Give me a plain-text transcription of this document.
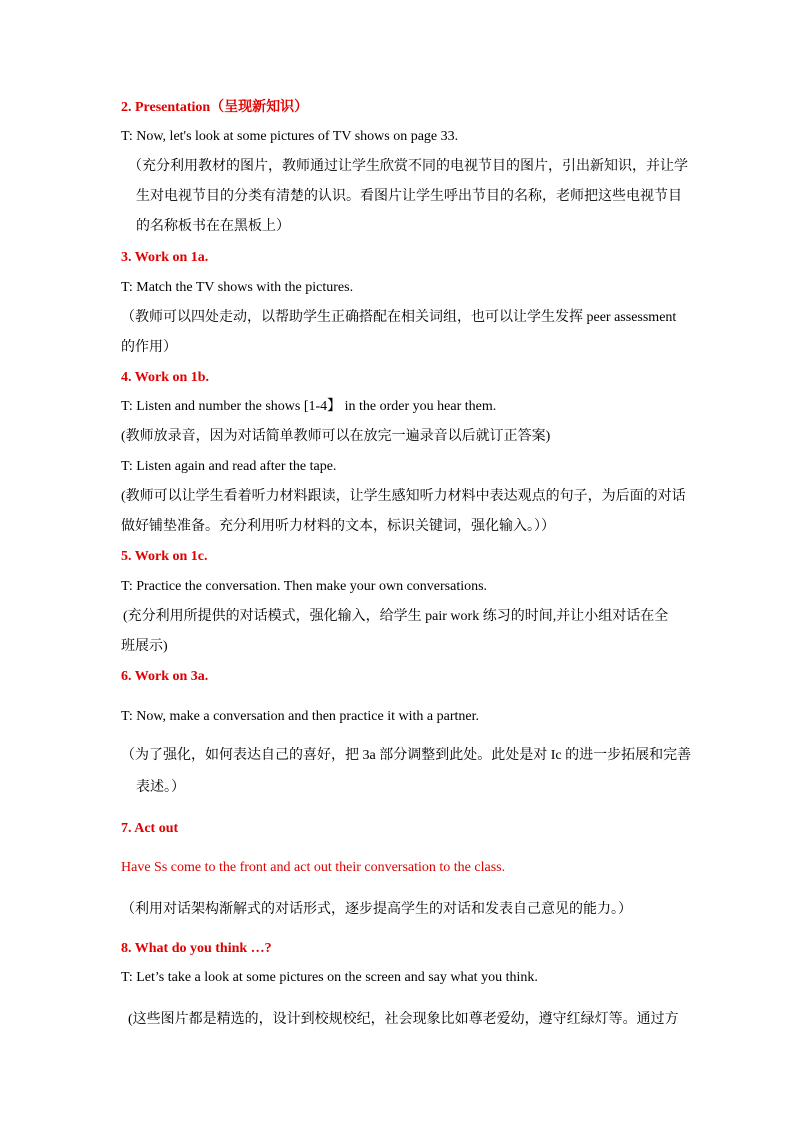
2. Presentation（呈现新知识）
T: Now, let's look at some pictures of TV shows on page 33.
（充分利用教材的图片，教师通过让学生欣赏不同的电视节目的图片，引出新知识，并让学
生对电视节目的分类有清楚的认识。看图片让学生呼出节目的名称，老师把这些电视节目
的名称板书在在黑板上）
3. Work on 1a.
T: Match the TV shows with the pictures.
（教师可以四处走动，以帮助学生正确搭配在相关词组，也可以让学生发挥 peer assessment
的作用）
4. Work on 1b.
T: Listen and number the shows [1-4】 in the order you hear them.
(教师放录音，因为对话简单教师可以在放完一遍录音以后就订正答案)
T: Listen again and read after the tape.
(教师可以让学生看着听力材料跟读，让学生感知听力材料中表达观点的句子，为后面的对话
做好铺垫准备。充分利用听力材料的文本，标识关键词，强化输入。））
5. Work on 1c.
T: Practice the conversation. Then make your own conversations.
(充分利用所提供的对话模式，强化输入，给学生 pair work 练习的时间,并让小组对话在全
班展示)
6. Work on 3a.
T: Now, make a conversation and then practice it with a partner.
（为了强化，如何表达自己的喜好，把 3a 部分调整到此处。此处是对 Ic 的进一步拓展和完善
表述。）
7. Act out
Have Ss come to the front and act out their conversation to the class.
（利用对话架构渐解式的对话形式，逐步提高学生的对话和发表自己意见的能力。）
8. What do you think …?
T: Let’s take a look at some pictures on the screen and say what you think.
(这些图片都是精选的，设计到校规校纪，社会现象比如尊老爱幼，遵守红绿灯等。通过方
